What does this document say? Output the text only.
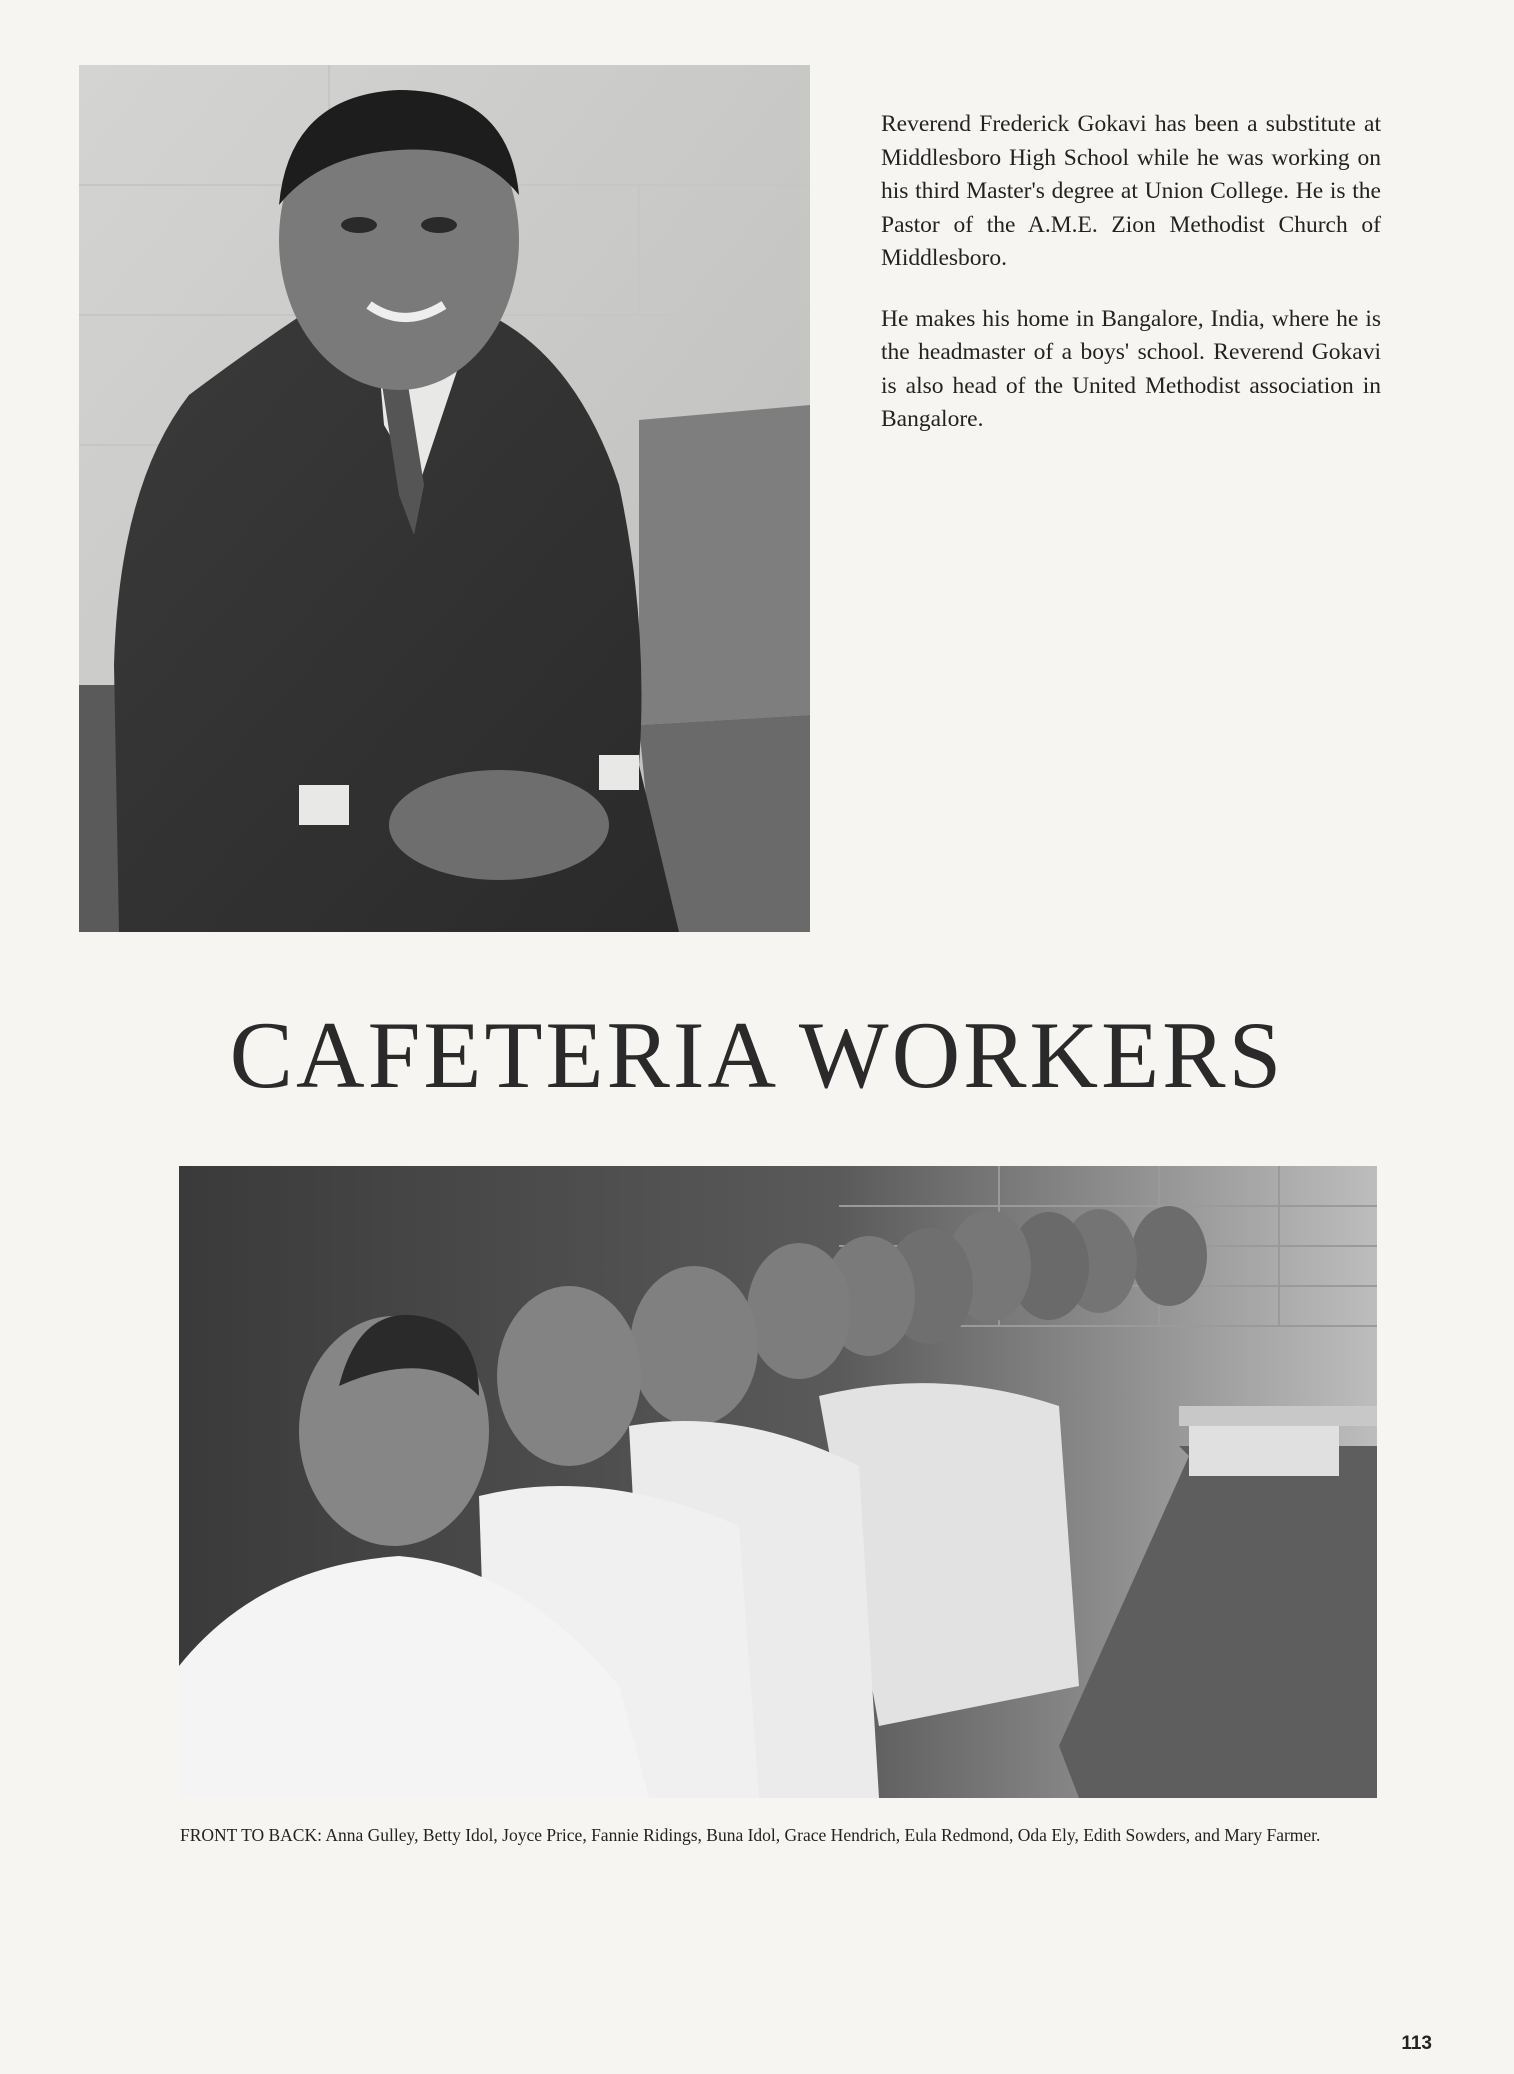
Reverend Frederick Gokavi has been a substitute at Middlesboro High School while he was working on his third Master's degree at Union College. He is the Pastor of the A.M.E. Zion Methodist Church of Middlesboro.

He makes his home in Bangalore, India, where he is the headmaster of a boys' school. Reverend Gokavi is also head of the United Methodist association in Bangalore.

CAFETERIA WORKERS
FRONT TO BACK: Anna Gulley, Betty Idol, Joyce Price, Fannie Ridings, Buna Idol, Grace Hendrich, Eula Redmond, Oda Ely, Edith Sowders, and Mary Farmer.
113
